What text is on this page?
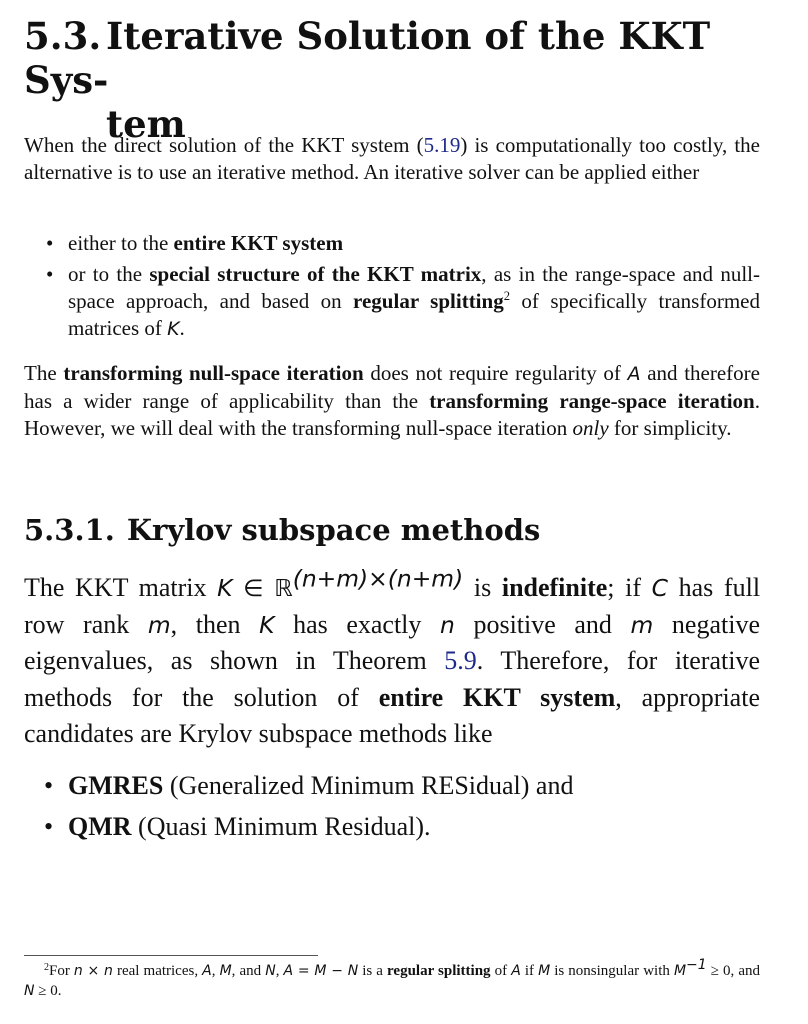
5.3. Iterative Solution of the KKT Sys-
tem

When the direct solution of the KKT system (5.19) is computationally too costly, the alternative is to use an iterative method. An iterative solver can be applied either

• either to the entire KKT system
• or to the special structure of the KKT matrix, as in the range-space and null-space approach, and based on regular splitting$^2$ of specifically transformed matrices of K.

The transforming null-space iteration does not require regularity of A and therefore has a wider range of applicability than the transforming range-space iteration. However, we will deal with the transforming null-space iteration only for simplicity.

5.3.1. Krylov subspace methods

The KKT matrix K ∈ ℝ$^{(n+m)\times(n+m)}$ is indefinite; if C has full row rank m, then K has exactly n positive and m negative eigenvalues, as shown in Theorem 5.9. Therefore, for iterative methods for the solution of entire KKT system, appropriate candidates are Krylov subspace methods like

• GMRES (Generalized Minimum RESidual) and
• QMR (Quasi Minimum Residual).

$^2$For n × n real matrices, A, M, and N, A = M − N is a regular splitting of A if M is nonsingular with $M^{-1} \ge 0$, and N ≥ 0.
